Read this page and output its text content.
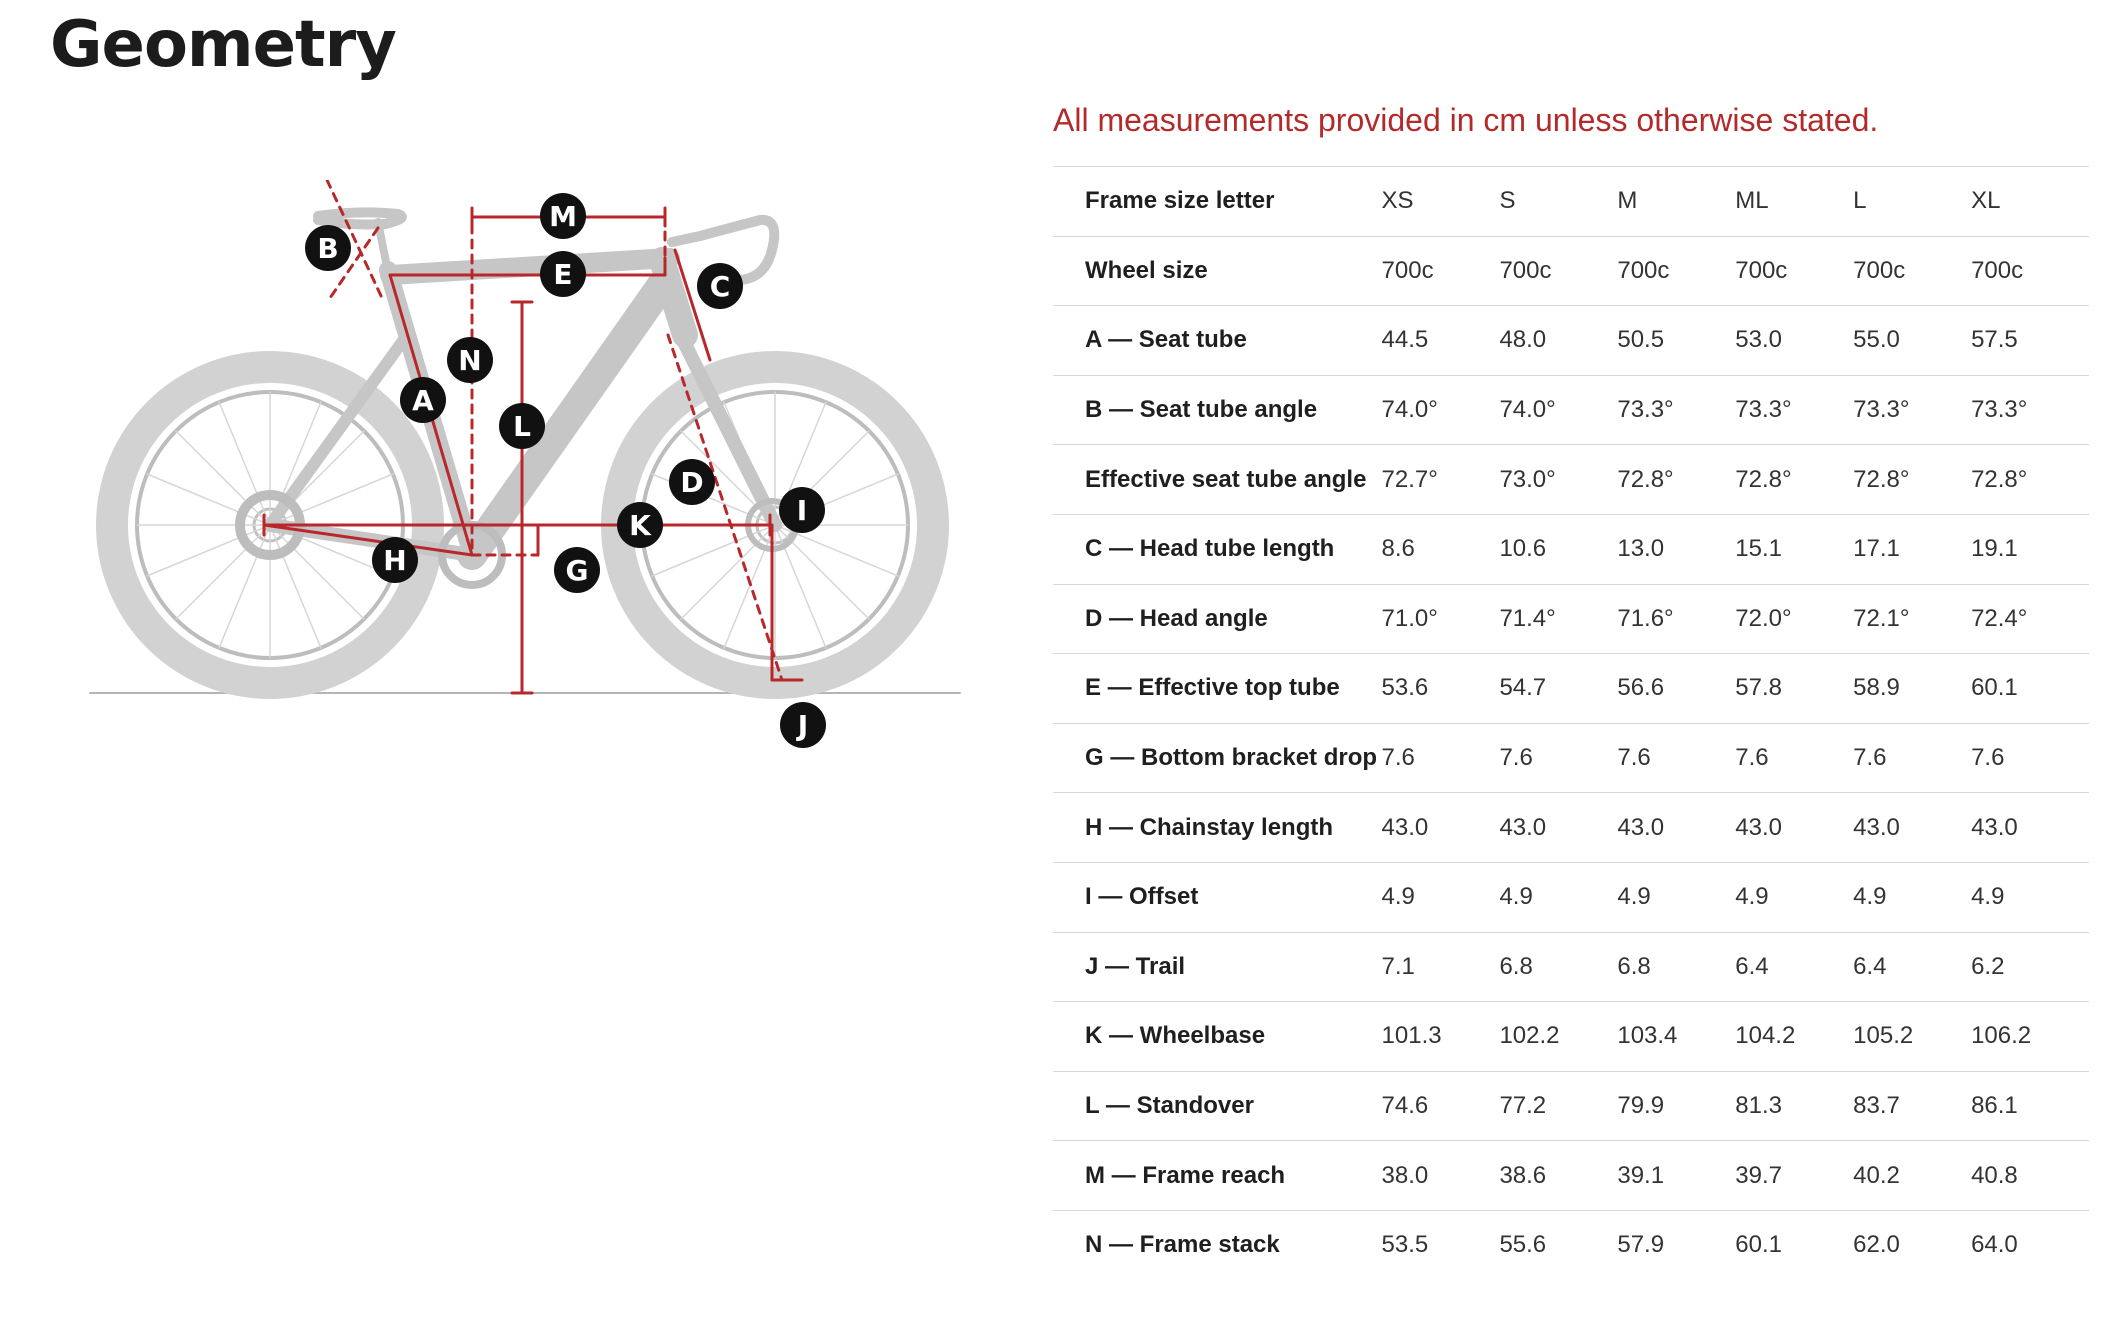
Geometry
B
A
M
E
N
L
C
D
I
K
H	G
J

All measurements provided in cm unless otherwise stated.

Frame size letter	XS	S	M	ML	L	XL
Wheel size	700c	700c	700c	700c	700c	700c
A — Seat tube	44.5	48.0	50.5	53.0	55.0	57.5
B — Seat tube angle	74.0°	74.0°	73.3°	73.3°	73.3°	73.3°
Effective seat tube angle	72.7°	73.0°	72.8°	72.8°	72.8°	72.8°
C — Head tube length	8.6	10.6	13.0	15.1	17.1	19.1
D — Head angle	71.0°	71.4°	71.6°	72.0°	72.1°	72.4°
E — Effective top tube	53.6	54.7	56.6	57.8	58.9	60.1
G — Bottom bracket drop	7.6	7.6	7.6	7.6	7.6	7.6
H — Chainstay length	43.0	43.0	43.0	43.0	43.0	43.0
I — Offset	4.9	4.9	4.9	4.9	4.9	4.9
J — Trail	7.1	6.8	6.8	6.4	6.4	6.2
K — Wheelbase	101.3	102.2	103.4	104.2	105.2	106.2
L — Standover	74.6	77.2	79.9	81.3	83.7	86.1
M — Frame reach	38.0	38.6	39.1	39.7	40.2	40.8
N — Frame stack	53.5	55.6	57.9	60.1	62.0	64.0
